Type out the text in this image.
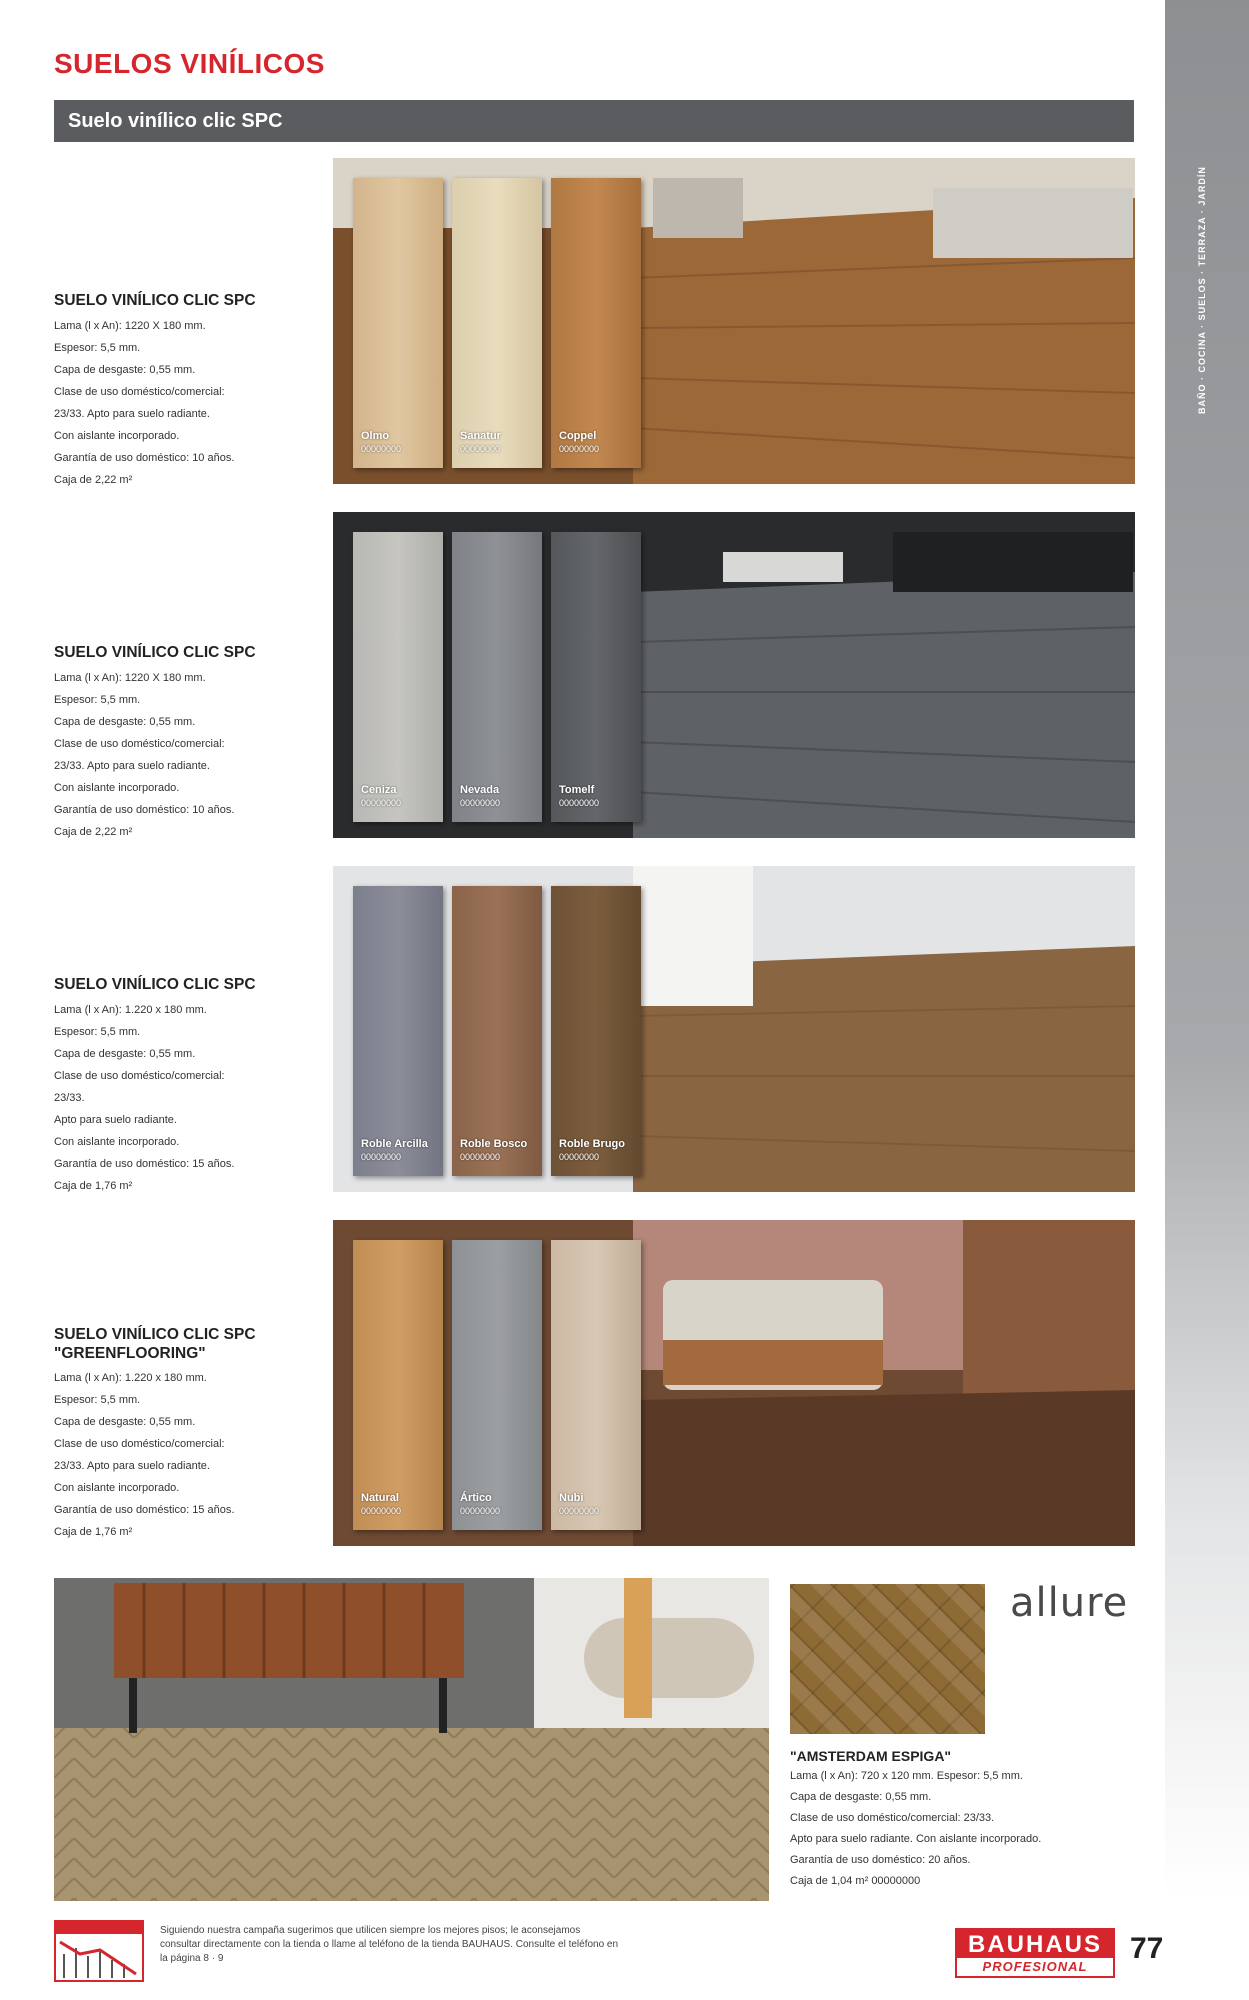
BAÑO · COCINA · SUELOS · TERRAZA · JARDÍN
SUELOS VINÍLICOS
Suelo vinílico clic SPC
SUELO VINÍLICO CLIC SPC

Lama (l x An): 1220 X 180 mm.

Espesor: 5,5 mm.

Capa de desgaste: 0,55 mm.

Clase de uso doméstico/comercial:

23/33. Apto para suelo radiante.

Con aislante incorporado.

Garantía de uso doméstico: 10 años.

Caja de 2,22 m²

Olmo
00000000
Sanatur
00000000
Coppel
00000000
SUELO VINÍLICO CLIC SPC

Lama (l x An): 1220 X 180 mm.

Espesor: 5,5 mm.

Capa de desgaste: 0,55 mm.

Clase de uso doméstico/comercial:

23/33. Apto para suelo radiante.

Con aislante incorporado.

Garantía de uso doméstico: 10 años.

Caja de 2,22 m²

Ceniza
00000000
Nevada
00000000
Tomelf
00000000
SUELO VINÍLICO CLIC SPC

Lama (l x An): 1.220 x 180 mm.

Espesor: 5,5 mm.

Capa de desgaste: 0,55 mm.

Clase de uso doméstico/comercial:

23/33.

Apto para suelo radiante.

Con aislante incorporado.

Garantía de uso doméstico: 15 años.

Caja de 1,76 m²

Roble Arcilla
00000000
Roble Bosco
00000000
Roble Brugo
00000000
SUELO VINÍLICO CLIC SPC "GREENFLOORING"

Lama (l x An): 1.220 x 180 mm.

Espesor: 5,5 mm.

Capa de desgaste: 0,55 mm.

Clase de uso doméstico/comercial:

23/33. Apto para suelo radiante.

Con aislante incorporado.

Garantía de uso doméstico: 15 años.

Caja de 1,76 m²

Natural
00000000
Ártico
00000000
Nubi
00000000
allure
"AMSTERDAM ESPIGA"

Lama (l x An): 720 x 120 mm. Espesor: 5,5 mm.

Capa de desgaste: 0,55 mm.

Clase de uso doméstico/comercial: 23/33.

Apto para suelo radiante. Con aislante incorporado.

Garantía de uso doméstico: 20 años.

Caja de 1,04 m² 00000000

Siguiendo nuestra campaña sugerimos que utilicen siempre los mejores pisos; le aconsejamos consultar directamente con la tienda o llame al teléfono de la tienda BAUHAUS. Consulte el teléfono en la página 8 · 9

BAUHAUS
PROFESIONAL
77
